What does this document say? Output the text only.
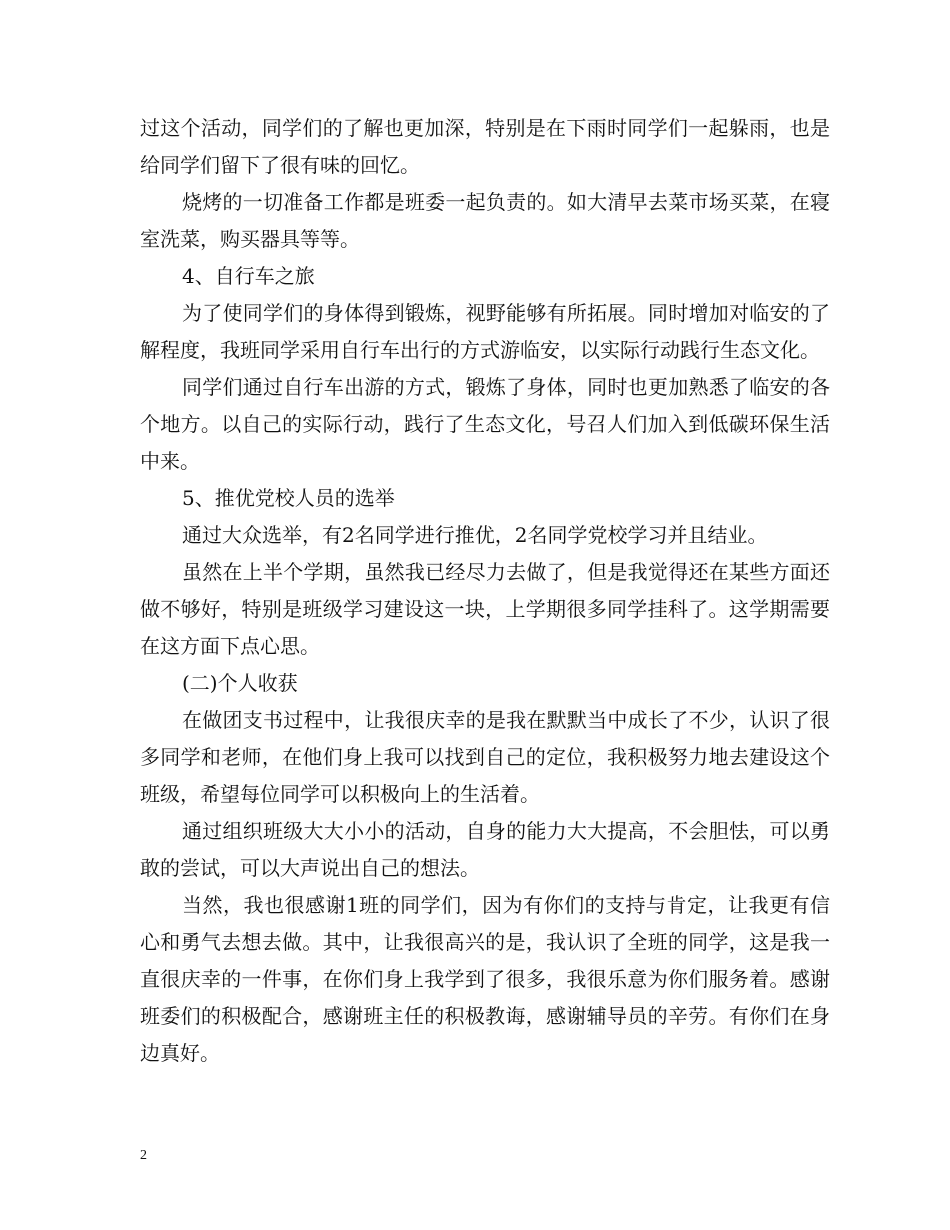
过这个活动，同学们的了解也更加深，特别是在下雨时同学们一起躲雨，也是给同学们留下了很有味的回忆。

烧烤的一切准备工作都是班委一起负责的。如大清早去菜市场买菜，在寝室洗菜，购买器具等等。

4、自行车之旅

为了使同学们的身体得到锻炼，视野能够有所拓展。同时增加对临安的了解程度，我班同学采用自行车出行的方式游临安，以实际行动践行生态文化。

同学们通过自行车出游的方式，锻炼了身体，同时也更加熟悉了临安的各个地方。以自己的实际行动，践行了生态文化，号召人们加入到低碳环保生活中来。

5、推优党校人员的选举

通过大众选举，有2名同学进行推优，2名同学党校学习并且结业。

虽然在上半个学期，虽然我已经尽力去做了，但是我觉得还在某些方面还做不够好，特别是班级学习建设这一块，上学期很多同学挂科了。这学期需要在这方面下点心思。

(二)个人收获

在做团支书过程中，让我很庆幸的是我在默默当中成长了不少，认识了很多同学和老师，在他们身上我可以找到自己的定位，我积极努力地去建设这个班级，希望每位同学可以积极向上的生活着。

通过组织班级大大小小的活动，自身的能力大大提高，不会胆怯，可以勇敢的尝试，可以大声说出自己的想法。

当然，我也很感谢1班的同学们，因为有你们的支持与肯定，让我更有信心和勇气去想去做。其中，让我很高兴的是，我认识了全班的同学，这是我一直很庆幸的一件事，在你们身上我学到了很多，我很乐意为你们服务着。感谢班委们的积极配合，感谢班主任的积极教诲，感谢辅导员的辛劳。有你们在身边真好。

2
